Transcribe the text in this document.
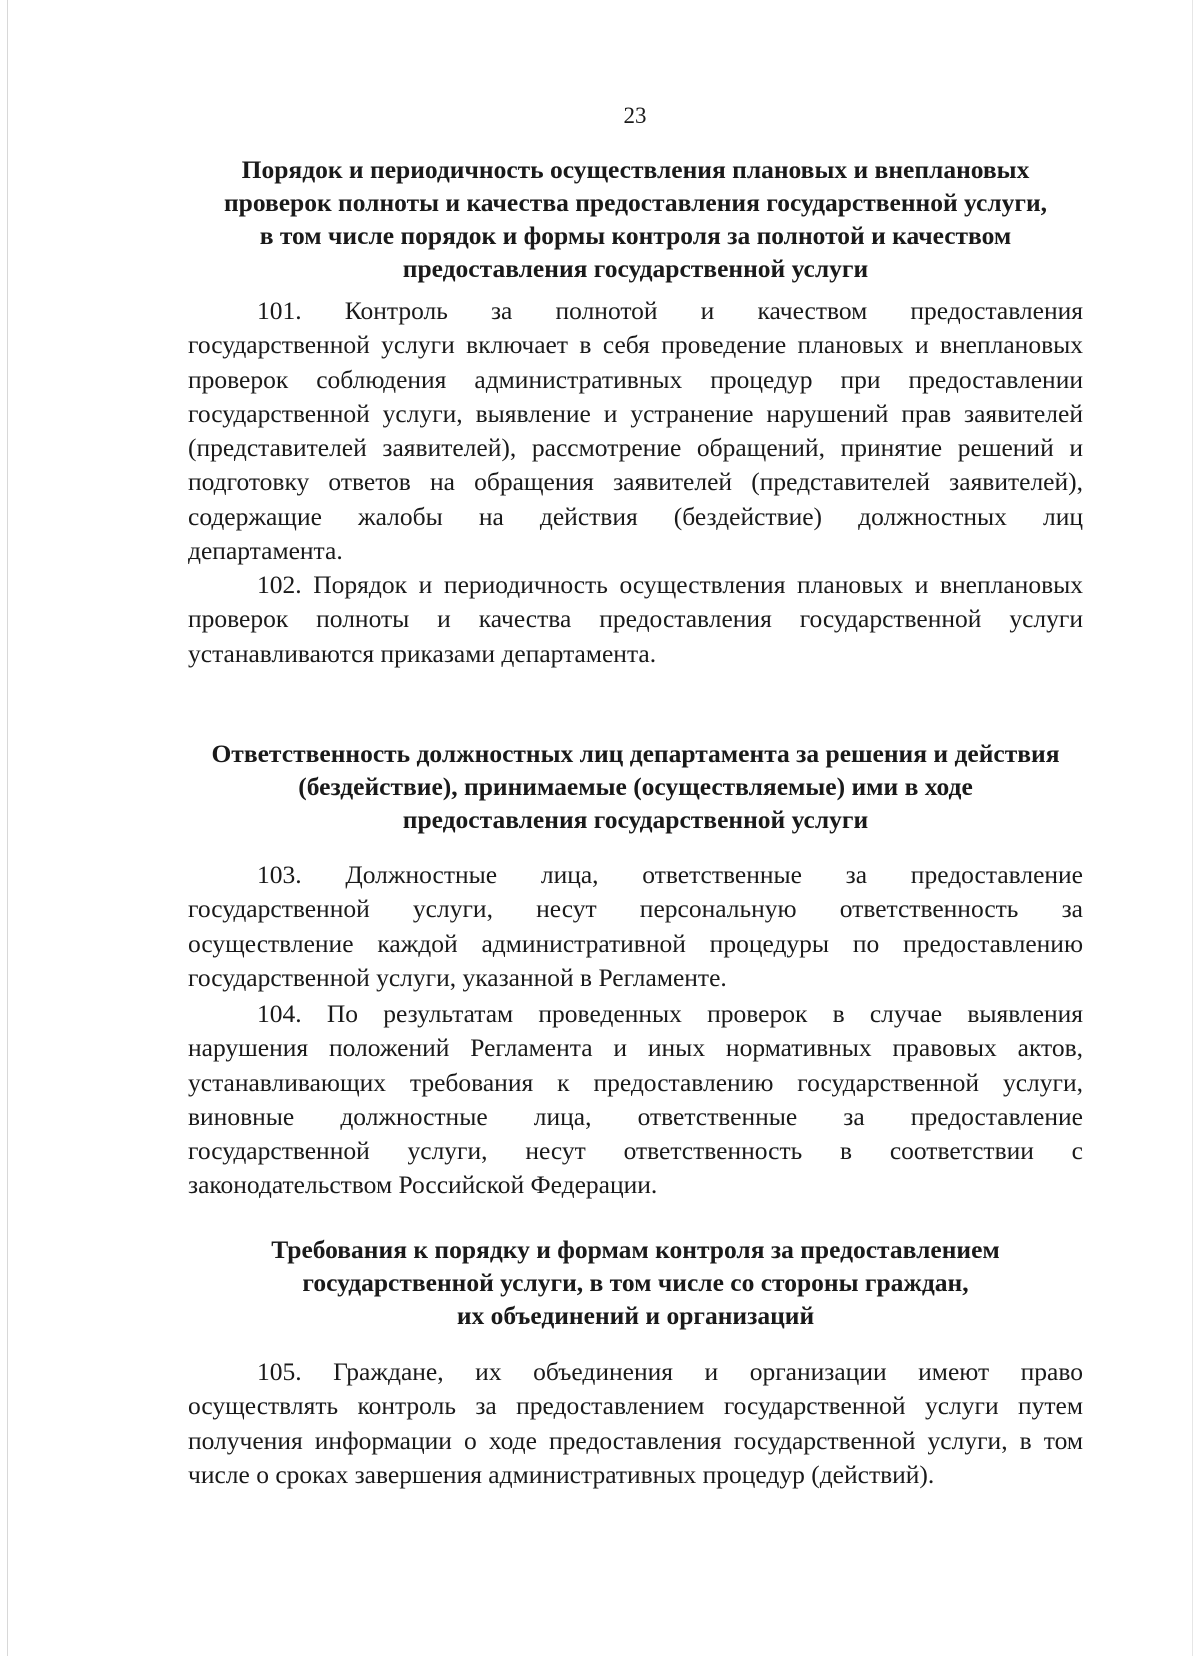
23
Порядок и периодичность осуществления плановых и внеплановых
проверок полноты и качества предоставления государственной услуги,
в том числе порядок и формы контроля за полнотой и качеством
предоставления государственной услуги
101. Контроль за полнотой и качеством предоставления
государственной услуги включает в себя проведение плановых и внеплановых
проверок соблюдения административных процедур при предоставлении
государственной услуги, выявление и устранение нарушений прав заявителей
(представителей заявителей), рассмотрение обращений, принятие решений и
подготовку ответов на обращения заявителей (представителей заявителей),
содержащие жалобы на действия (бездействие) должностных лиц
департамента.
102. Порядок и периодичность осуществления плановых и внеплановых
проверок полноты и качества предоставления государственной услуги
устанавливаются приказами департамента.
Ответственность должностных лиц департамента за решения и действия
(бездействие), принимаемые (осуществляемые) ими в ходе
предоставления государственной услуги
103. Должностные лица, ответственные за предоставление
государственной услуги, несут персональную ответственность за
осуществление каждой административной процедуры по предоставлению
государственной услуги, указанной в Регламенте.
104. По результатам проведенных проверок в случае выявления
нарушения положений Регламента и иных нормативных правовых актов,
устанавливающих требования к предоставлению государственной услуги,
виновные должностные лица, ответственные за предоставление
государственной услуги, несут ответственность в соответствии с
законодательством Российской Федерации.
Требования к порядку и формам контроля за предоставлением
государственной услуги, в том числе со стороны граждан,
их объединений и организаций
105. Граждане, их объединения и организации имеют право
осуществлять контроль за предоставлением государственной услуги путем
получения информации о ходе предоставления государственной услуги, в том
числе о сроках завершения административных процедур (действий).
